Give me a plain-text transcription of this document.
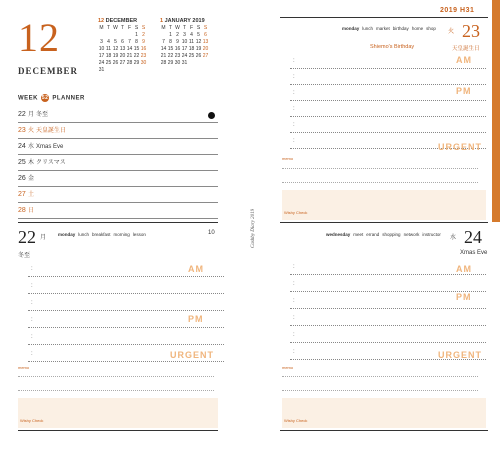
12
DECEMBER
12 DECEMBER
M	T	W	T	F	S	S
					1	2
3	4	5	6	7	8	9
10	11	12	13	14	15	16
17	18	19	20	21	22	23
24	25	26	27	28	29	30
31						
1 JANUARY 2019
M	T	W	T	F	S	S
	1	2	3	4	5	6
7	8	9	10	11	12	13
14	15	16	17	18	19	20
21	22	23	24	25	26	27
28	29	30	31			

WEEK 52 PLANNER
22 月 冬至
23 火 天皇誕生日
24 水 Xmas Eve
25 木 クリスマス
26 金
27 土
28 日
22 月
monday lunch breakfast morning lesson	10
冬至
:
:
:
:
:
:
AM
PM
URGENT
memo
Wishy Check
Cashby Diary 2019
2019 H31
monday lunch market birthday home shop
火 23
Shiemo's Birthday	天皇誕生日
:
:
:
:
:
:
AM
PM
URGENT
memo
Wishy Check
wednesday meet errand shopping network instructor
水 24
Xmas Eve
:
:
:
:
:
:
AM
PM
URGENT
memo
Wishy Check
